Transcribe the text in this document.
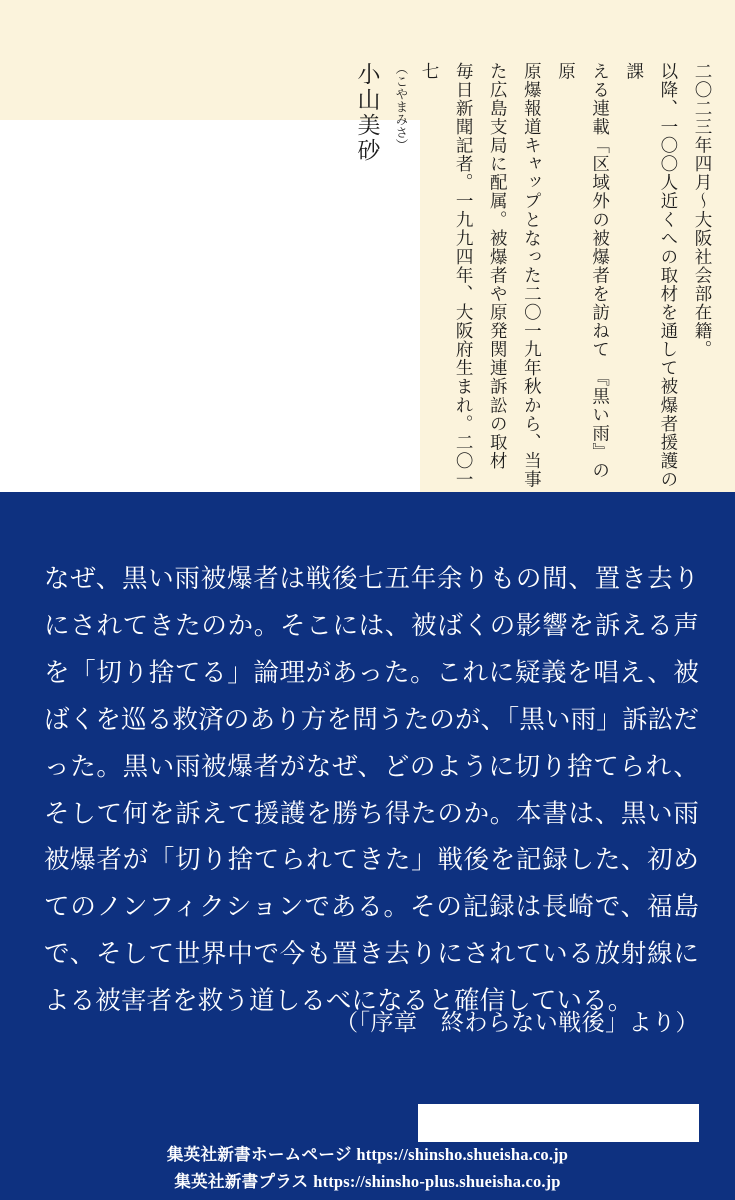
二〇二三年四月～大阪社会部在籍。
以降、一〇〇人近くへの取材を通して被爆者援護の課
える連載「区域外の被爆者を訪ねて　『黒い雨』の原
原爆報道キャップとなった二〇一九年秋から、当事
た広島支局に配属。被爆者や原発関連訴訟の取材
毎日新聞記者。一九九四年、大阪府生まれ。二〇一七
（こやまみさ）
小山美砂
なぜ、黒い雨被爆者は戦後七五年余りもの間、置き去りにされてきたのか。そこには、被ばくの影響を訴える声を「切り捨てる」論理があった。これに疑義を唱え、被ばくを巡る救済のあり方を問うたのが、「黒い雨」訴訟だった。黒い雨被爆者がなぜ、どのように切り捨てられ、そして何を訴えて援護を勝ち得たのか。本書は、黒い雨被爆者が「切り捨てられてきた」戦後を記録した、初めてのノンフィクションである。その記録は長崎で、福島で、そして世界中で今も置き去りにされている放射線による被害者を救う道しるべになると確信している。
（「序章　終わらない戦後」より）
集英社新書ホームページ https://shinsho.shueisha.co.jp
集英社新書プラス https://shinsho-plus.shueisha.co.jp
